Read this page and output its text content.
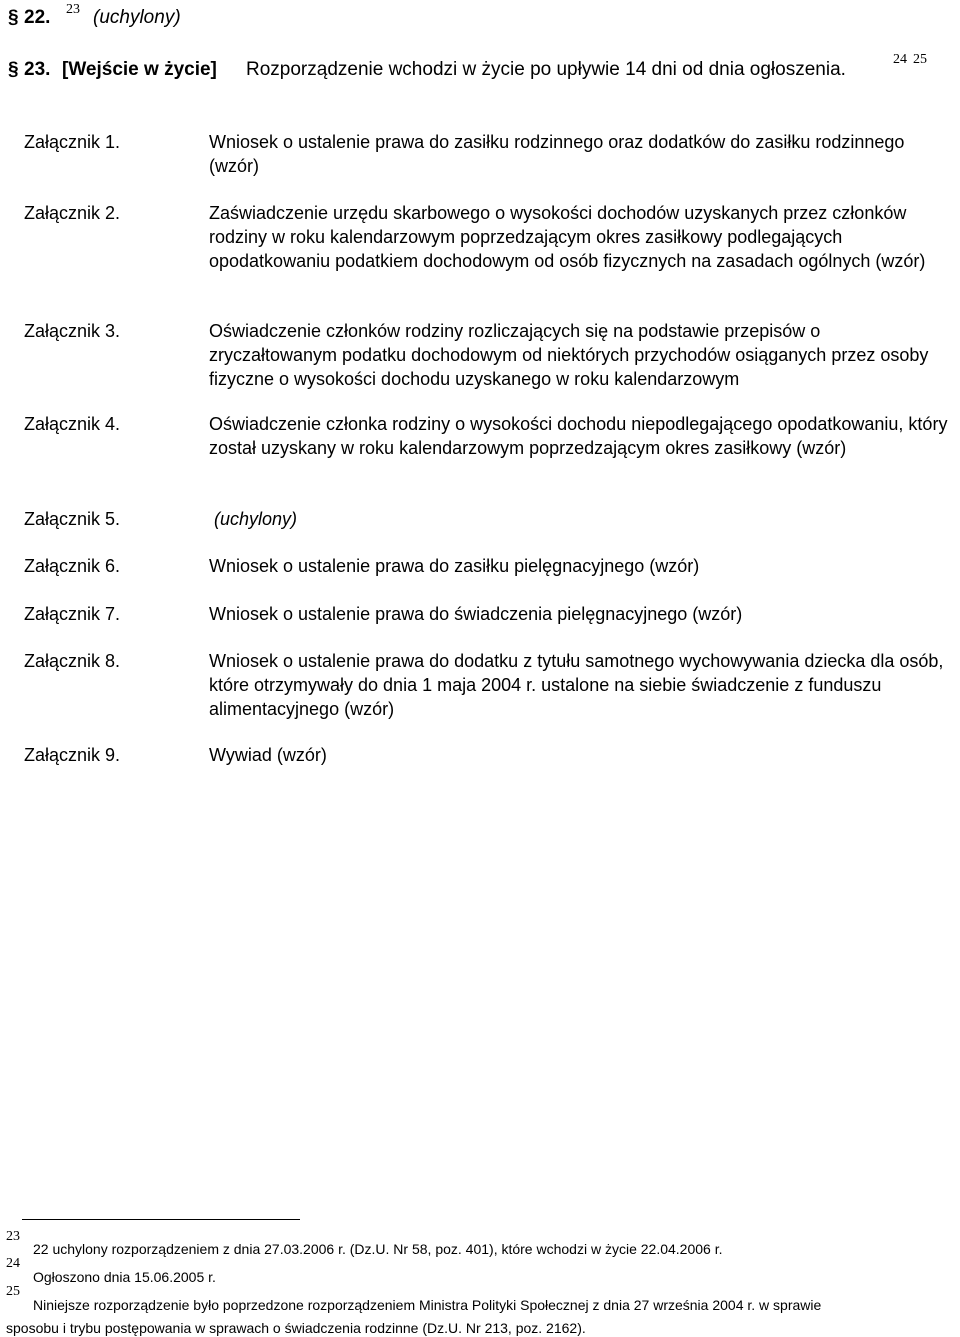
§ 22. 23 (uchylony)
§ 23. [Wejście w życie] Rozporządzenie wchodzi w życie po upływie 14 dni od dnia ogłoszenia.	24 25
Załącznik 1.	Wniosek o ustalenie prawa do zasiłku rodzinnego oraz dodatków do zasiłku rodzinnego (wzór)
Załącznik 2.	Zaświadczenie urzędu skarbowego o wysokości dochodów uzyskanych przez członków rodziny w roku kalendarzowym poprzedzającym okres zasiłkowy podlegających opodatkowaniu podatkiem dochodowym od osób fizycznych na zasadach ogólnych (wzór)
Załącznik 3.	Oświadczenie członków rodziny rozliczających się na podstawie przepisów o zryczałtowanym podatku dochodowym od niektórych przychodów osiąganych przez osoby fizyczne o wysokości dochodu uzyskanego w roku kalendarzowym
Załącznik 4.	Oświadczenie członka rodziny o wysokości dochodu niepodlegającego opodatkowaniu, który został uzyskany w roku kalendarzowym poprzedzającym okres zasiłkowy (wzór)
Załącznik 5.	(uchylony)
Załącznik 6.	Wniosek o ustalenie prawa do zasiłku pielęgnacyjnego (wzór)
Załącznik 7.	Wniosek o ustalenie prawa do świadczenia pielęgnacyjnego (wzór)
Załącznik 8.	Wniosek o ustalenie prawa do dodatku z tytułu samotnego wychowywania dziecka dla osób, które otrzymywały do dnia 1 maja 2004 r. ustalone na siebie świadczenie z funduszu alimentacyjnego (wzór)
Załącznik 9.	Wywiad (wzór)
23
22 uchylony rozporządzeniem z dnia 27.03.2006 r. (Dz.U. Nr 58, poz. 401), które wchodzi w życie 22.04.2006 r.
24
Ogłoszono dnia 15.06.2005 r.
25
Niniejsze rozporządzenie było poprzedzone rozporządzeniem Ministra Polityki Społecznej z dnia 27 września 2004 r. w sprawie
sposobu i trybu postępowania w sprawach o świadczenia rodzinne (Dz.U. Nr 213, poz. 2162).
